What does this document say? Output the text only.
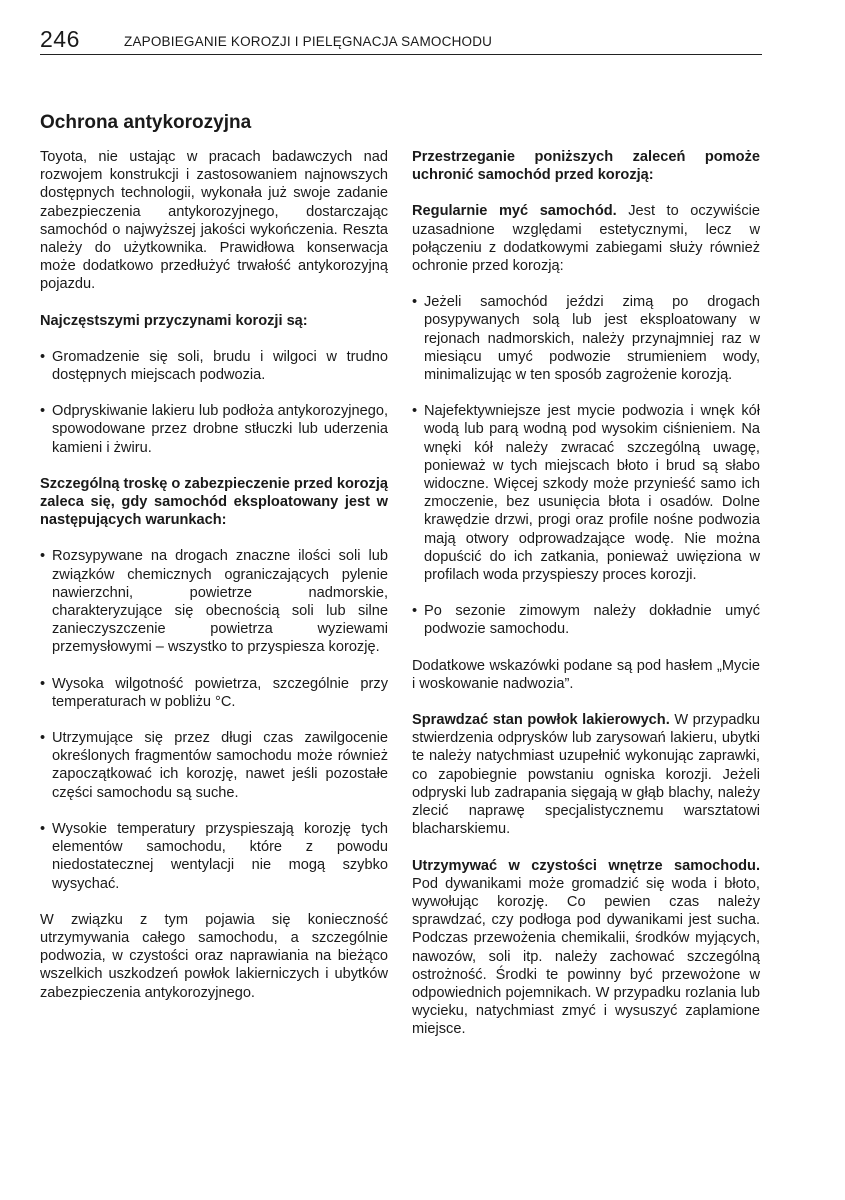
246	ZAPOBIEGANIE KOROZJI I PIELĘGNACJA SAMOCHODU
Ochrona antykorozyjna

Toyota, nie ustając w pracach badawczych nad rozwojem konstrukcji i zastosowaniem najnowszych dostępnych technologii, wykonała już swoje zadanie zabezpieczenia antykorozyjnego, dostarczając samochód o najwyższej jakości wykończenia. Reszta należy do użytkownika. Prawidłowa konserwacja może dodatkowo przedłużyć trwałość antykorozyjną pojazdu.

Najczęstszymi przyczynami korozji są:

• Gromadzenie się soli, brudu i wilgoci w trudno dostępnych miejscach podwozia.
• Odpryskiwanie lakieru lub podłoża antykorozyjnego, spowodowane przez drobne stłuczki lub uderzenia kamieni i żwiru.

Szczególną troskę o zabezpieczenie przed korozją zaleca się, gdy samochód eksploatowany jest w następujących warunkach:

• Rozsypywane na drogach znaczne ilości soli lub związków chemicznych ograniczających pylenie nawierzchni, powietrze nadmorskie, charakteryzujące się obecnością soli lub silne zanieczyszczenie powietrza wyziewami przemysłowymi – wszystko to przyspiesza korozję.
• Wysoka wilgotność powietrza, szczególnie przy temperaturach w pobliżu °C.
• Utrzymujące się przez długi czas zawilgocenie określonych fragmentów samochodu może również zapoczątkować ich korozję, nawet jeśli pozostałe części samochodu są suche.
• Wysokie temperatury przyspieszają korozję tych elementów samochodu, które z powodu niedostatecznej wentylacji nie mogą szybko wysychać.

W związku z tym pojawia się konieczność utrzymywania całego samochodu, a szczególnie podwozia, w czystości oraz naprawiania na bieżąco wszelkich uszkodzeń powłok lakierniczych i ubytków zabezpieczenia antykorozyjnego.

Przestrzeganie poniższych zaleceń pomoże uchronić samochód przed korozją:

Regularnie myć samochód. Jest to oczywiście uzasadnione względami estetycznymi, lecz w połączeniu z dodatkowymi zabiegami służy również ochronie przed korozją:

• Jeżeli samochód jeździ zimą po drogach posypywanych solą lub jest eksploatowany w rejonach nadmorskich, należy przynajmniej raz w miesiącu umyć podwozie strumieniem wody, minimalizując w ten sposób zagrożenie korozją.
• Najefektywniejsze jest mycie podwozia i wnęk kół wodą lub parą wodną pod wysokim ciśnieniem. Na wnęki kół należy zwracać szczególną uwagę, ponieważ w tych miejscach błoto i brud są słabo widoczne. Więcej szkody może przynieść samo ich zmoczenie, bez usunięcia błota i osadów. Dolne krawędzie drzwi, progi oraz profile nośne podwozia mają otwory odprowadzające wodę. Nie można dopuścić do ich zatkania, ponieważ uwięziona w profilach woda przyspieszy proces korozji.
• Po sezonie zimowym należy dokładnie umyć podwozie samochodu.

Dodatkowe wskazówki podane są pod hasłem „Mycie i woskowanie nadwozia”.

Sprawdzać stan powłok lakierowych. W przypadku stwierdzenia odprysków lub zarysowań lakieru, ubytki te należy natychmiast uzupełnić wykonując zaprawki, co zapobiegnie powstaniu ogniska korozji. Jeżeli odpryski lub zadrapania sięgają w głąb blachy, należy zlecić naprawę specjalistycznemu warsztatowi blacharskiemu.

Utrzymywać w czystości wnętrze samochodu. Pod dywanikami może gromadzić się woda i błoto, wywołując korozję. Co pewien czas należy sprawdzać, czy podłoga pod dywanikami jest sucha. Podczas przewożenia chemikalii, środków myjących, nawozów, soli itp. należy zachować szczególną ostrożność. Środki te powinny być przewożone w odpowiednich pojemnikach. W przypadku rozlania lub wycieku, natychmiast zmyć i wysuszyć zaplamione miejsce.
